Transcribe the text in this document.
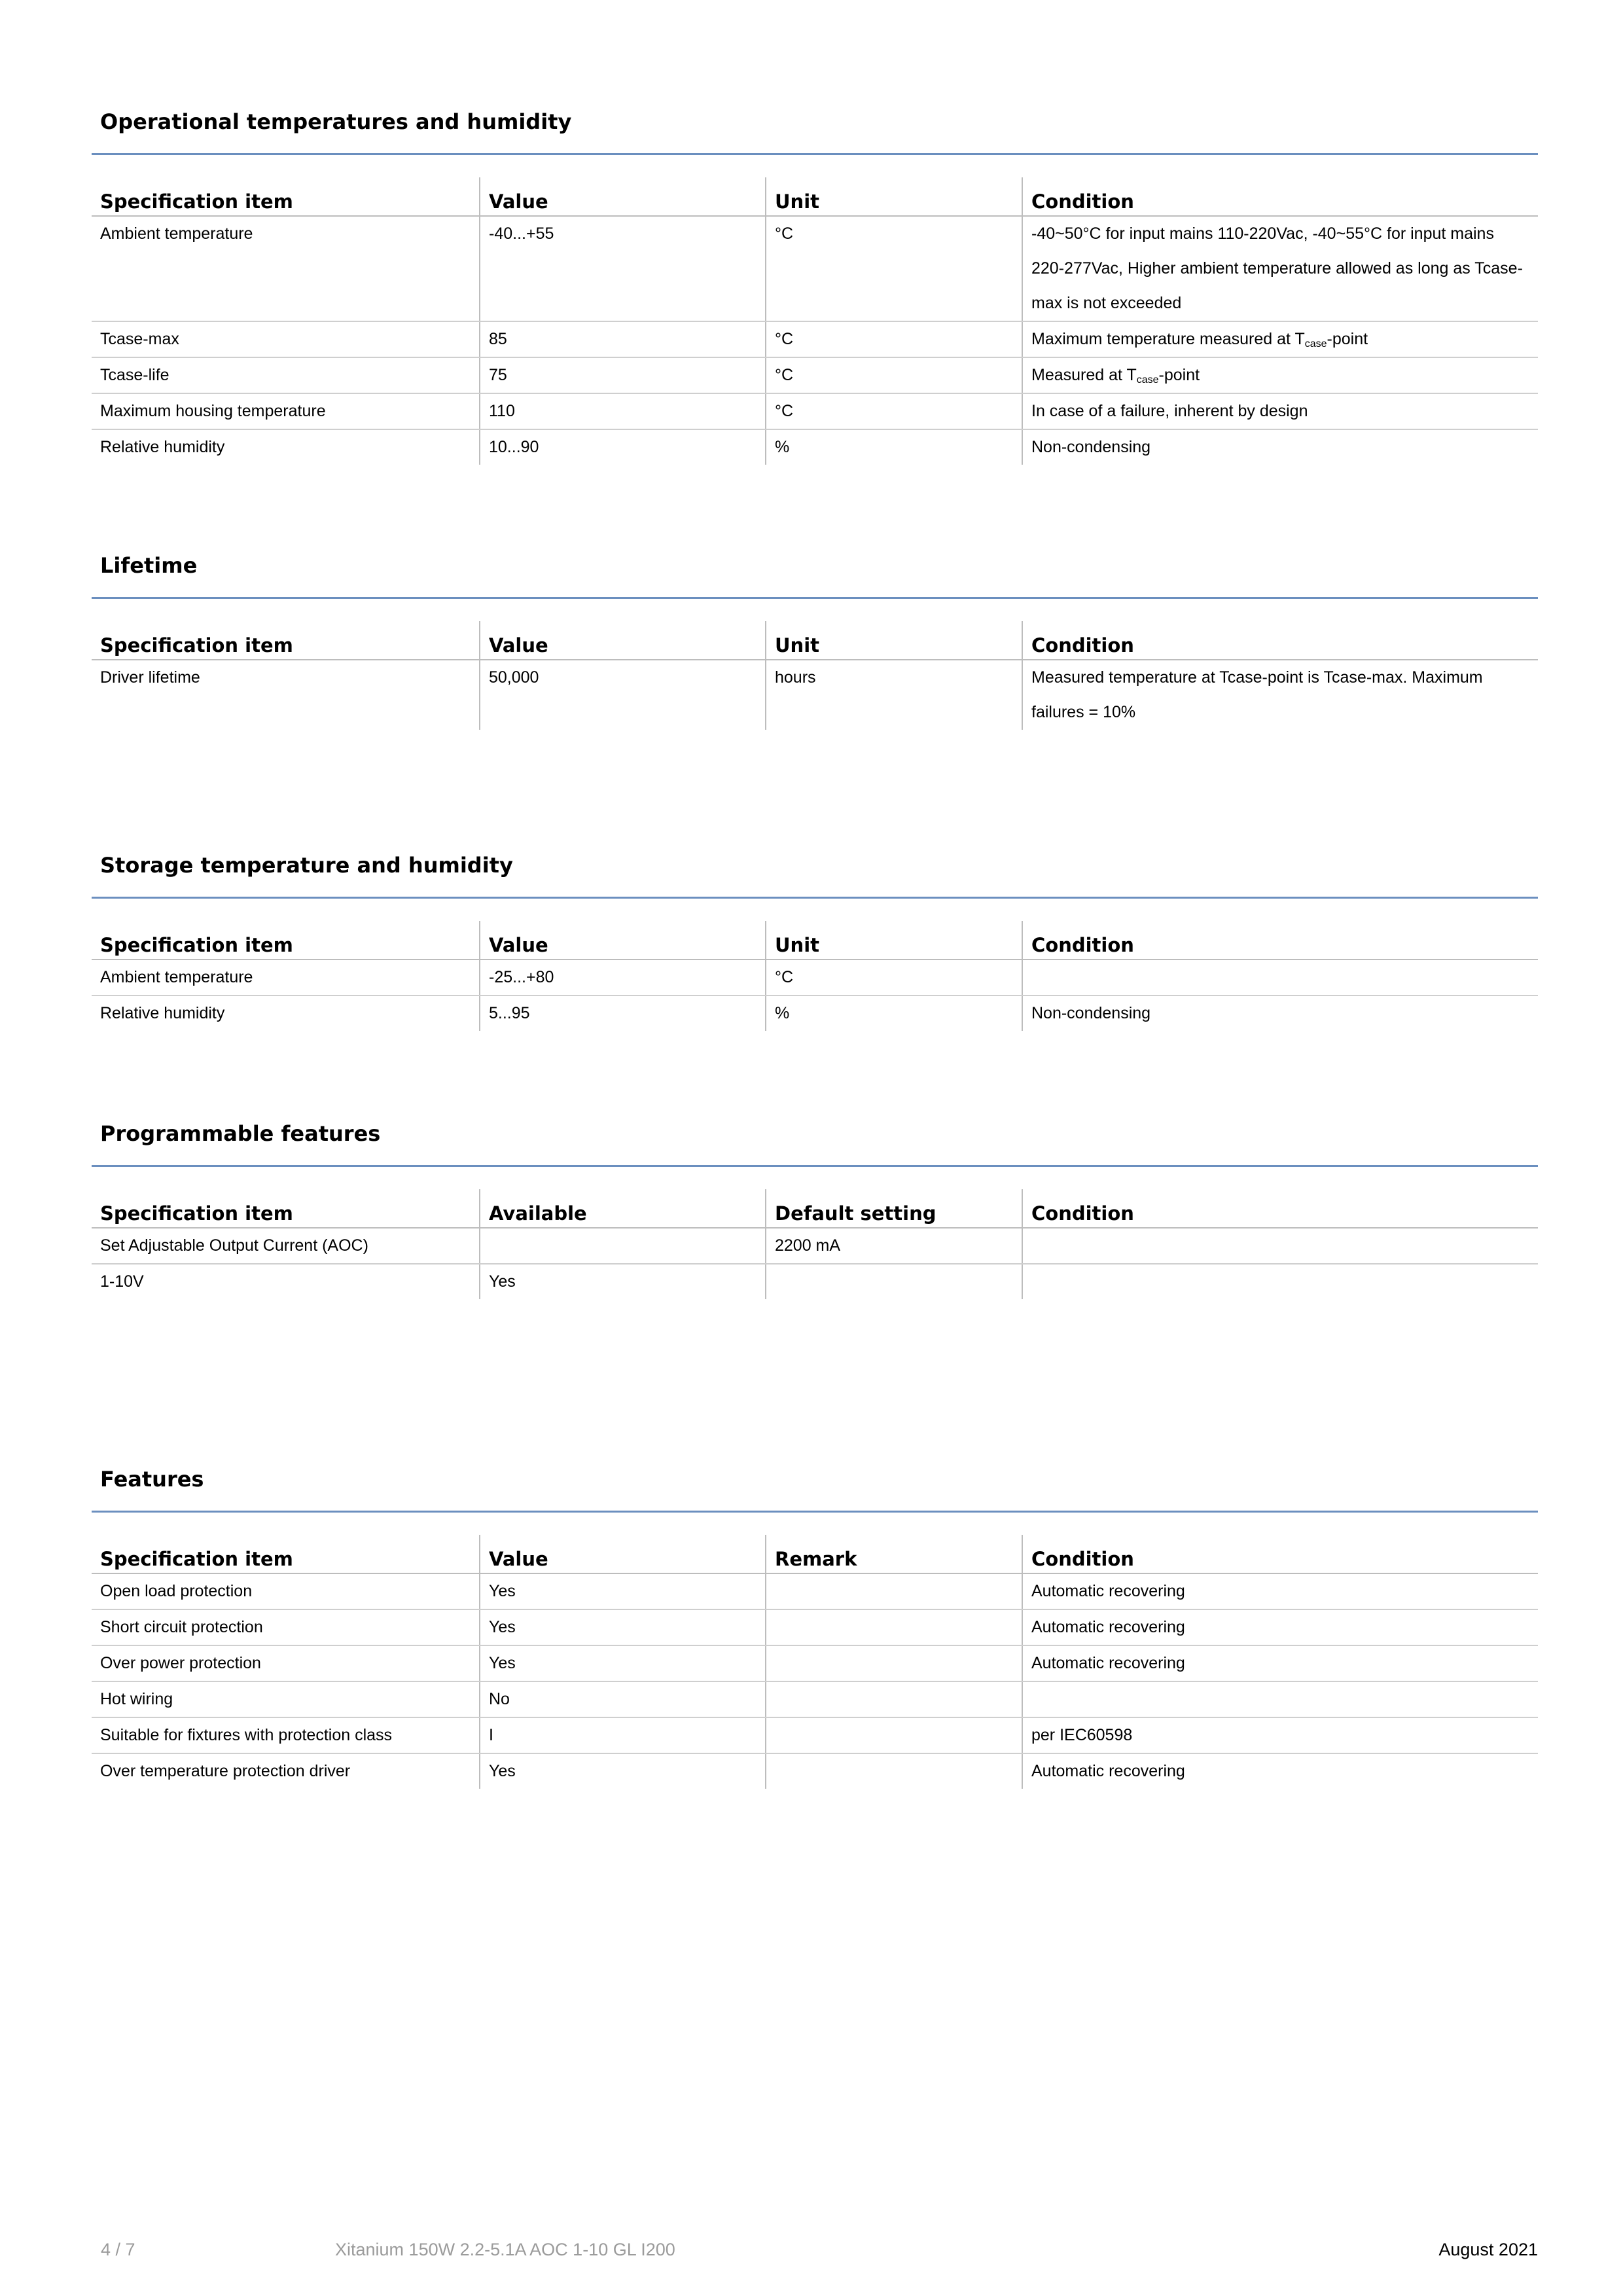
Operational temperatures and humidity
Specification item	Value	Unit	Condition
Ambient temperature	-40...+55	°C	-40~50°C for input mains 110-220Vac, -40~55°C for input mains 220-277Vac, Higher ambient temperature allowed as long as Tcase-max is not exceeded
Tcase-max	85	°C	Maximum temperature measured at $T_{case}$-point
Tcase-life	75	°C	Measured at $T_{case}$-point
Maximum housing temperature	110	°C	In case of a failure, inherent by design
Relative humidity	10...90	%	Non-condensing
Lifetime
Specification item	Value	Unit	Condition
Driver lifetime	50,000	hours	Measured temperature at Tcase-point is Tcase-max. Maximum failures = 10%
Storage temperature and humidity
Specification item	Value	Unit	Condition
Ambient temperature	-25...+80	°C	
Relative humidity	5...95	%	Non-condensing
Programmable features
Specification item	Available	Default setting	Condition
Set Adjustable Output Current (AOC)		2200 mA	
1-10V	Yes		
Features
Specification item	Value	Remark	Condition
Open load protection	Yes		Automatic recovering
Short circuit protection	Yes		Automatic recovering
Over power protection	Yes		Automatic recovering
Hot wiring	No		
Suitable for fixtures with protection class	I		per IEC60598
Over temperature protection driver	Yes		Automatic recovering
4 / 7	Xitanium 150W 2.2-5.1A AOC 1-10 GL I200	August 2021
